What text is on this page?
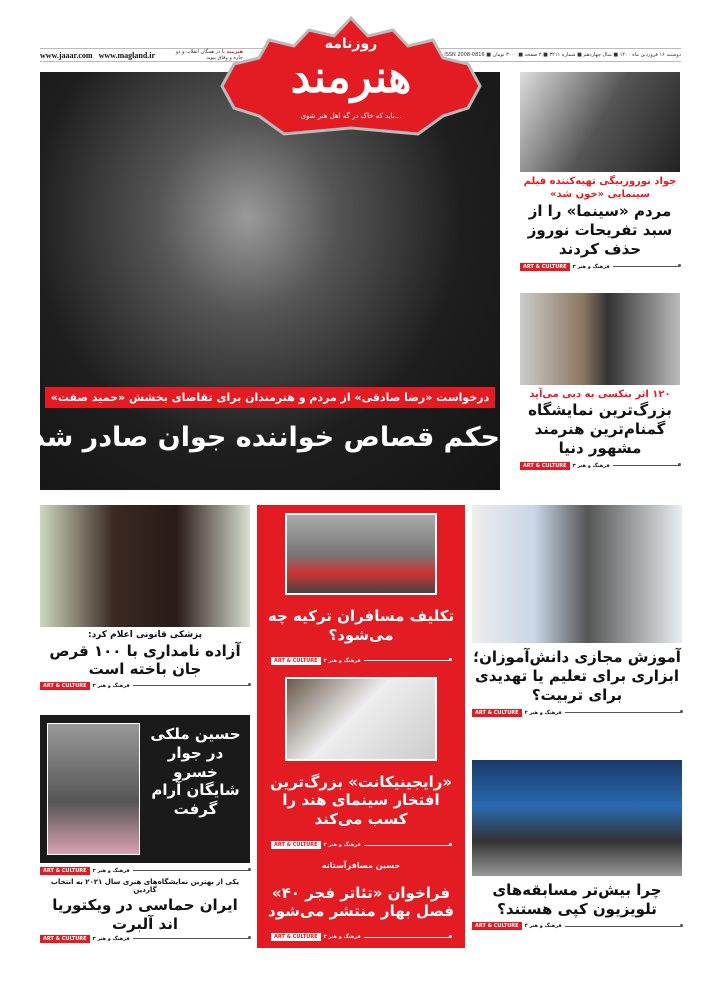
www.jaaar.com www.magland.ir	هنرمند با در همگان انقلاب و دو چاره و وفاق پیوند	دوشنبه ۱۶ فروردین ماه ۱۴۰۰ ■ سال چهاردهم ■ شماره ۳۴۱۱ ■ ۴ صفحه ■ ۳۰۰۰ تومان ■ ISSN 2008-0816
روزنامه
هنرمند
...باید که خاک در گه اهل هنر شوی
درخواست «رضا صادقی» از مردم و هنرمندان برای تقاضای بخشش «حمید صفت»
حکم قصاص خواننده جوان صادر شد!
جواد نوروزبیگی تهیه‌کننده فیلم سینمایی «خون شد»
مردم «سینما» را از سبد تفریحات نوروز حذف کردند
ART & CULTURE	فرهنگ و هنر ۳
۱۲۰ اثر بنکسی به دبی می‌آید
بزرگ‌ترین نمایشگاه گمنام‌ترین هنرمند مشهور دنیا
ART & CULTURE	فرهنگ و هنر ۳
پزشکی قانونی اعلام کرد:
آزاده نامداری با ۱۰۰ قرص جان باخته است
ART & CULTURE	فرهنگ و هنر ۳
حسین ملکی در جوار خسرو شایگان آرام گرفت
ART & CULTURE	فرهنگ و هنر ۳
یکی از بهترین نمایشگاه‌های هنری سال ۲۰۲۱ به انتخاب گاردین
ایران حماسی در ویکتوریا اند آلبرت
ART & CULTURE	فرهنگ و هنر ۳
تکلیف مسافران ترکیه چه می‌شود؟
ART & CULTURE	فرهنگ و هنر ۳
«رایجینیکانت» بزرگ‌ترین افتخار سینمای هند را کسب می‌کند
ART & CULTURE	فرهنگ و هنر ۳
حسین مسافرآستانه
فراخوان «تئاتر فجر ۴۰» فصل بهار منتشر می‌شود
ART & CULTURE	فرهنگ و هنر ۳
آموزش مجازی دانش‌آموزان؛ ابزاری برای تعلیم یا تهدیدی برای تربیت؟
ART & CULTURE	فرهنگ و هنر ۲
چرا بیش‌تر مسابقه‌های تلویزیون کپی هستند؟
ART & CULTURE	فرهنگ و هنر ۴
